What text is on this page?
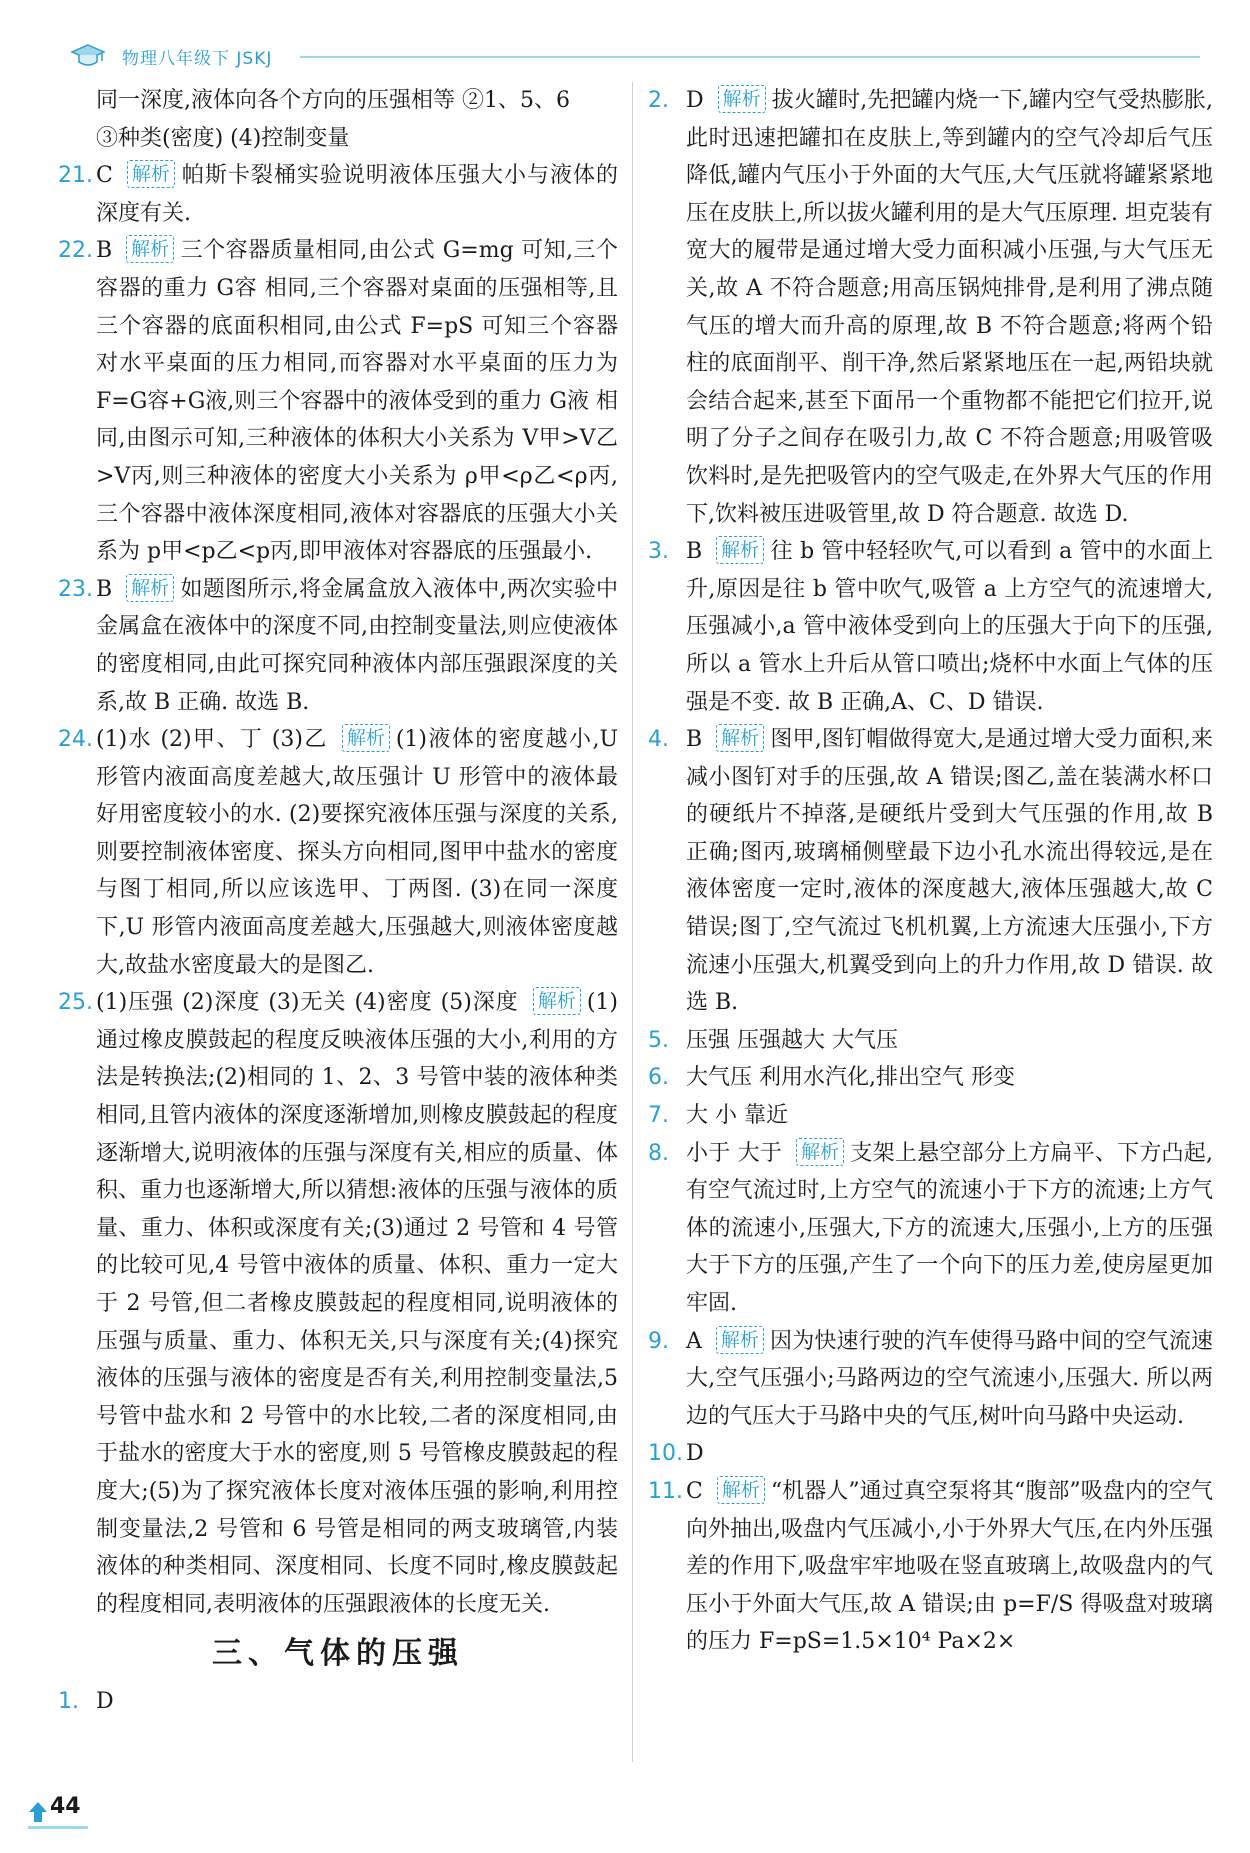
物理八年级下 JSKJ

同一深度,液体向各个方向的压强相等 ②1、5、6

③种类(密度) (4)控制变量

21. C 解析 帕斯卡裂桶实验说明液体压强大小与液体的深度有关.

22. B 解析 三个容器质量相同,由公式 G=mg 可知,三个容器的重力 G容 相同,三个容器对桌面的压强相等,且三个容器的底面积相同,由公式 F=pS 可知三个容器对水平桌面的压力相同,而容器对水平桌面的压力为 F=G容+G液,则三个容器中的液体受到的重力 G液 相同,由图示可知,三种液体的体积大小关系为 V甲>V乙>V丙,则三种液体的密度大小关系为 ρ甲<ρ乙<ρ丙,三个容器中液体深度相同,液体对容器底的压强大小关系为 p甲<p乙<p丙,即甲液体对容器底的压强最小.

23. B 解析 如题图所示,将金属盒放入液体中,两次实验中金属盒在液体中的深度不同,由控制变量法,则应使液体的密度相同,由此可探究同种液体内部压强跟深度的关系,故 B 正确. 故选 B.

24. (1)水 (2)甲、丁 (3)乙 解析 (1)液体的密度越小,U 形管内液面高度差越大,故压强计 U 形管中的液体最好用密度较小的水. (2)要探究液体压强与深度的关系,则要控制液体密度、探头方向相同,图甲中盐水的密度与图丁相同,所以应该选甲、丁两图. (3)在同一深度下,U 形管内液面高度差越大,压强越大,则液体密度越大,故盐水密度最大的是图乙.

25. (1)压强 (2)深度 (3)无关 (4)密度 (5)深度 解析 (1)通过橡皮膜鼓起的程度反映液体压强的大小,利用的方法是转换法;(2)相同的 1、2、3 号管中装的液体种类相同,且管内液体的深度逐渐增加,则橡皮膜鼓起的程度逐渐增大,说明液体的压强与深度有关,相应的质量、体积、重力也逐渐增大,所以猜想:液体的压强与液体的质量、重力、体积或深度有关;(3)通过 2 号管和 4 号管的比较可见,4 号管中液体的质量、体积、重力一定大于 2 号管,但二者橡皮膜鼓起的程度相同,说明液体的压强与质量、重力、体积无关,只与深度有关;(4)探究液体的压强与液体的密度是否有关,利用控制变量法,5 号管中盐水和 2 号管中的水比较,二者的深度相同,由于盐水的密度大于水的密度,则 5 号管橡皮膜鼓起的程度大;(5)为了探究液体长度对液体压强的影响,利用控制变量法,2 号管和 6 号管是相同的两支玻璃管,内装液体的种类相同、深度相同、长度不同时,橡皮膜鼓起的程度相同,表明液体的压强跟液体的长度无关.

三、气体的压强

1. D

2. D 解析 拔火罐时,先把罐内烧一下,罐内空气受热膨胀,此时迅速把罐扣在皮肤上,等到罐内的空气冷却后气压降低,罐内气压小于外面的大气压,大气压就将罐紧紧地压在皮肤上,所以拔火罐利用的是大气压原理. 坦克装有宽大的履带是通过增大受力面积减小压强,与大气压无关,故 A 不符合题意;用高压锅炖排骨,是利用了沸点随气压的增大而升高的原理,故 B 不符合题意;将两个铅柱的底面削平、削干净,然后紧紧地压在一起,两铅块就会结合起来,甚至下面吊一个重物都不能把它们拉开,说明了分子之间存在吸引力,故 C 不符合题意;用吸管吸饮料时,是先把吸管内的空气吸走,在外界大气压的作用下,饮料被压进吸管里,故 D 符合题意. 故选 D.

3. B 解析 往 b 管中轻轻吹气,可以看到 a 管中的水面上升,原因是往 b 管中吹气,吸管 a 上方空气的流速增大,压强减小,a 管中液体受到向上的压强大于向下的压强,所以 a 管水上升后从管口喷出;烧杯中水面上气体的压强是不变. 故 B 正确,A、C、D 错误.

4. B 解析 图甲,图钉帽做得宽大,是通过增大受力面积,来减小图钉对手的压强,故 A 错误;图乙,盖在装满水杯口的硬纸片不掉落,是硬纸片受到大气压强的作用,故 B 正确;图丙,玻璃桶侧壁最下边小孔水流出得较远,是在液体密度一定时,液体的深度越大,液体压强越大,故 C 错误;图丁,空气流过飞机机翼,上方流速大压强小,下方流速小压强大,机翼受到向上的升力作用,故 D 错误. 故选 B.

5. 压强 压强越大 大气压

6. 大气压 利用水汽化,排出空气 形变

7. 大 小 靠近

8. 小于 大于 解析 支架上悬空部分上方扁平、下方凸起,有空气流过时,上方空气的流速小于下方的流速;上方气体的流速小,压强大,下方的流速大,压强小,上方的压强大于下方的压强,产生了一个向下的压力差,使房屋更加牢固.

9. A 解析 因为快速行驶的汽车使得马路中间的空气流速大,空气压强小;马路两边的空气流速小,压强大. 所以两边的气压大于马路中央的气压,树叶向马路中央运动.

10. D

11. C 解析 “机器人”通过真空泵将其“腹部”吸盘内的空气向外抽出,吸盘内气压减小,小于外界大气压,在内外压强差的作用下,吸盘牢牢地吸在竖直玻璃上,故吸盘内的气压小于外面大气压,故 A 错误;由 p=F/S 得吸盘对玻璃的压力 F=pS=1.5×10⁴ Pa×2×

44
